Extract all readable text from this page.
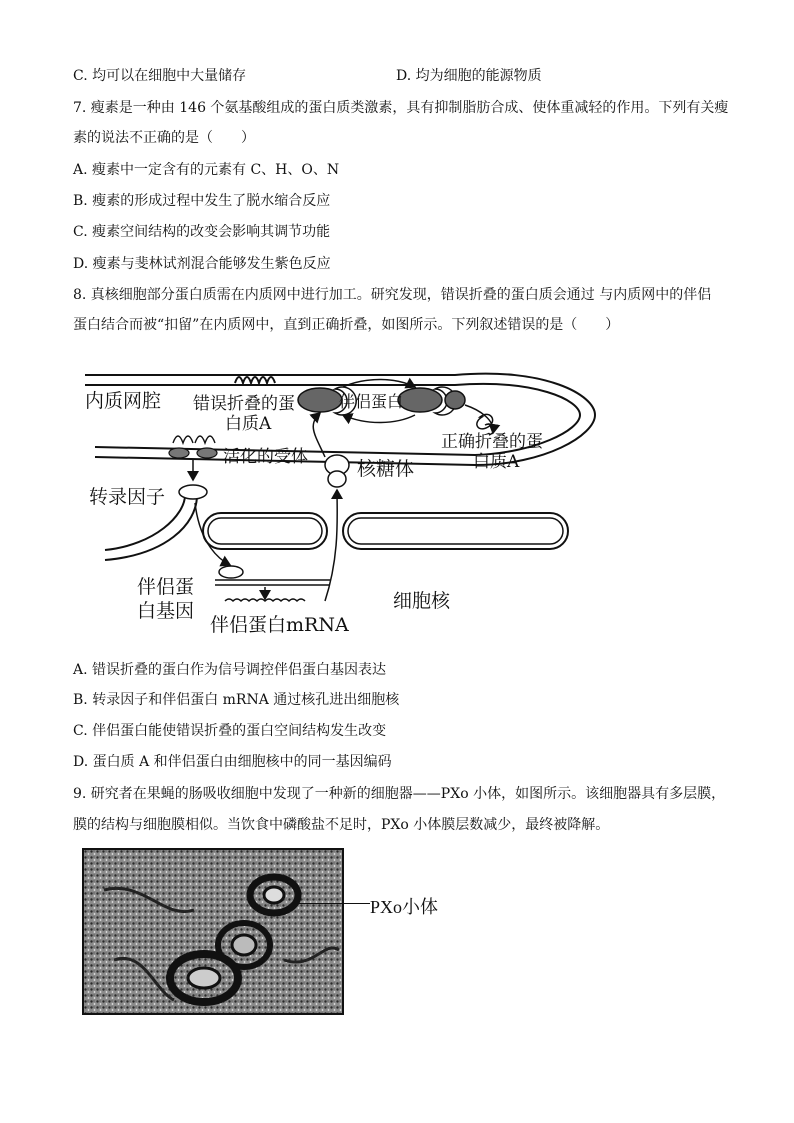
C. 均可以在细胞中大量储存	D. 均为细胞的能源物质
7. 瘦素是一种由 146 个氨基酸组成的蛋白质类激素，具有抑制脂肪合成、使体重减轻的作用。下列有关瘦
素的说法不正确的是（　　）
A. 瘦素中一定含有的元素有 C、H、O、N
B. 瘦素的形成过程中发生了脱水缩合反应
C. 瘦素空间结构的改变会影响其调节功能
D. 瘦素与斐林试剂混合能够发生紫色反应
8. 真核细胞部分蛋白质需在内质网中进行加工。研究发现，错误折叠的蛋白质会通过 与内质网中的伴侣
蛋白结合而被“扣留”在内质网中，直到正确折叠，如图所示。下列叙述错误的是（　　）
内质网腔 错误折叠的蛋
白质A
伴侣蛋白
正确折叠的蛋
白质A
活化的受体
核糖体
转录因子
伴侣蛋
白基因
伴侣蛋白mRNA
细胞核
A. 错误折叠的蛋白作为信号调控伴侣蛋白基因表达
B. 转录因子和伴侣蛋白 mRNA 通过核孔进出细胞核
C. 伴侣蛋白能使错误折叠的蛋白空间结构发生改变
D. 蛋白质 A 和伴侣蛋白由细胞核中的同一基因编码
9. 研究者在果蝇的肠吸收细胞中发现了一种新的细胞器——PXo 小体，如图所示。该细胞器具有多层膜，
膜的结构与细胞膜相似。当饮食中磷酸盐不足时，PXo 小体膜层数减少，最终被降解。
PXo小体
